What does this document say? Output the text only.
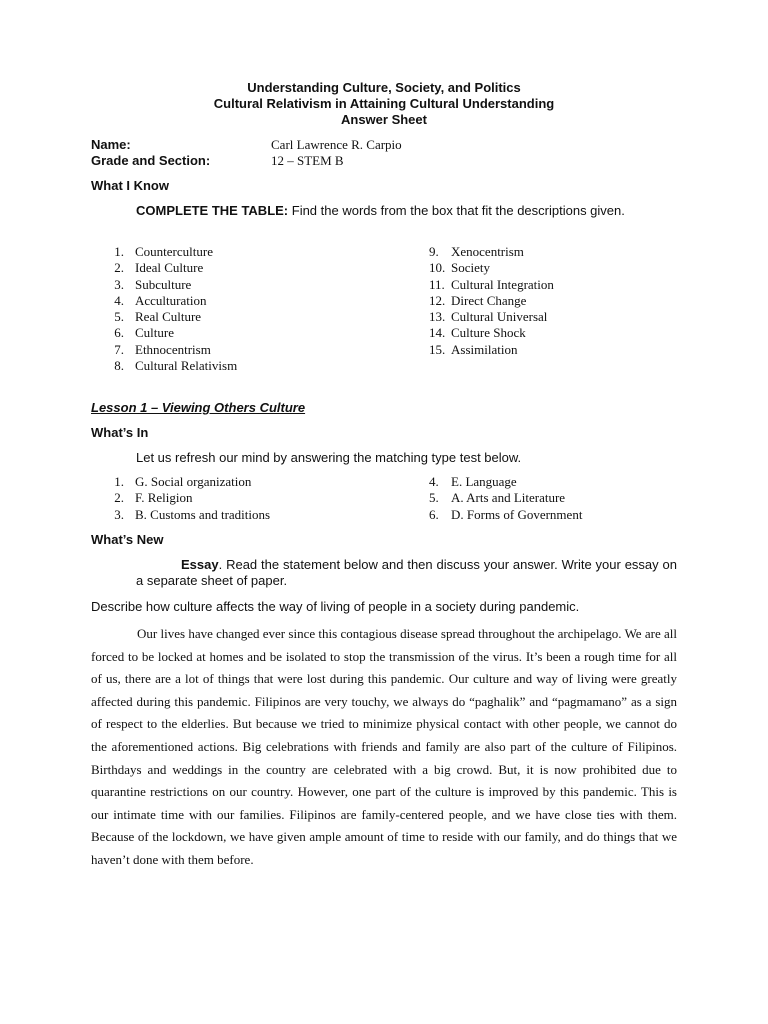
Understanding Culture, Society, and Politics
Cultural Relativism in Attaining Cultural Understanding
Answer Sheet
Name:	Carl Lawrence R. Carpio
Grade and Section:	12 – STEM B
What I Know
COMPLETE THE TABLE: Find the words from the box that fit the descriptions given.
1. Counterculture
2. Ideal Culture
3. Subculture
4. Acculturation
5. Real Culture
6. Culture
7. Ethnocentrism
8. Cultural Relativism
9. Xenocentrism
10. Society
11. Cultural Integration
12. Direct Change
13. Cultural Universal
14. Culture Shock
15. Assimilation
Lesson 1 – Viewing Others Culture
What’s In
Let us refresh our mind by answering the matching type test below.
1. G. Social organization
2. F. Religion
3. B. Customs and traditions
4. E. Language
5. A. Arts and Literature
6. D. Forms of Government
What’s New
Essay. Read the statement below and then discuss your answer. Write your essay on a separate sheet of paper.
Describe how culture affects the way of living of people in a society during pandemic.

Our lives have changed ever since this contagious disease spread throughout the archipelago. We are all forced to be locked at homes and be isolated to stop the transmission of the virus. It’s been a rough time for all of us, there are a lot of things that were lost during this pandemic. Our culture and way of living were greatly affected during this pandemic. Filipinos are very touchy, we always do “paghalik” and “pagmamano” as a sign of respect to the elderlies. But because we tried to minimize physical contact with other people, we cannot do the aforementioned actions. Big celebrations with friends and family are also part of the culture of Filipinos. Birthdays and weddings in the country are celebrated with a big crowd. But, it is now prohibited due to quarantine restrictions on our country. However, one part of the culture is improved by this pandemic. This is our intimate time with our families. Filipinos are family-centered people, and we have close ties with them. Because of the lockdown, we have given ample amount of time to reside with our family, and do things that we haven’t done with them before.
